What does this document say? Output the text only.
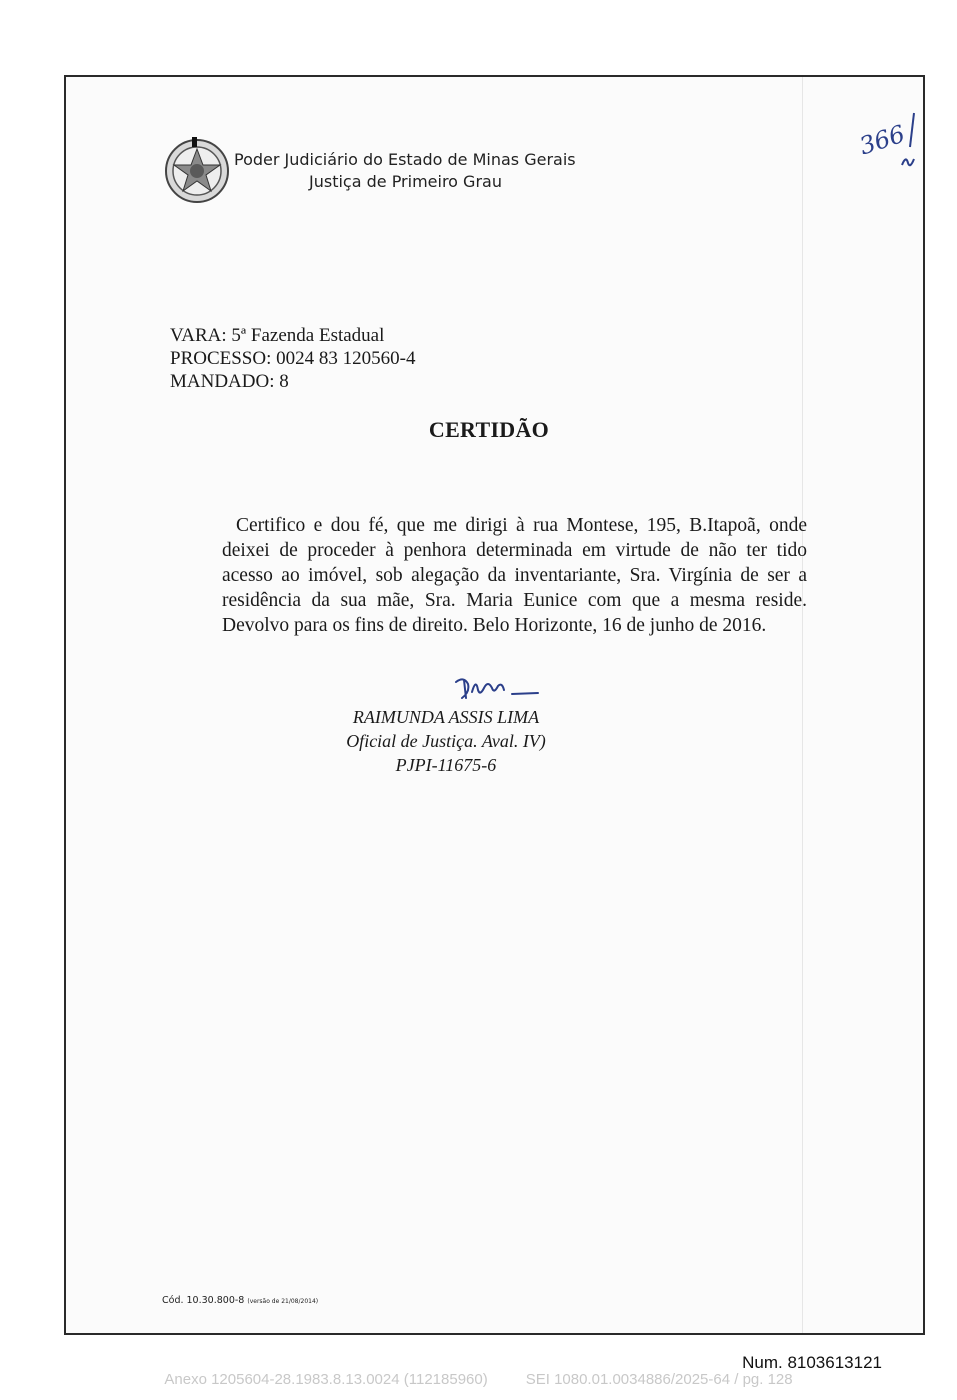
Poder Judiciário do Estado de Minas Gerais
Justiça de Primeiro Grau
366
VARA: 5ª Fazenda Estadual
PROCESSO: 0024 83 120560-4
MANDADO: 8
CERTIDÃO
Certifico e dou fé, que me dirigi à rua Montese, 195, B.Itapoã, onde deixei de proceder à penhora determinada em virtude de não ter tido acesso ao imóvel, sob alegação da inventariante, Sra. Virgínia de ser a residência da sua mãe, Sra. Maria Eunice com que a mesma reside. Devolvo para os fins de direito. Belo Horizonte, 16 de junho de 2016.
RAIMUNDA ASSIS LIMA
Oficial de Justiça. Aval. IV)
PJPI-11675-6
Cód. 10.30.800-8 (versão de 21/08/2014)
Num. 8103613121
Anexo 1205604-28.1983.8.13.0024 (112185960)	SEI 1080.01.0034886/2025-64 / pg. 128
